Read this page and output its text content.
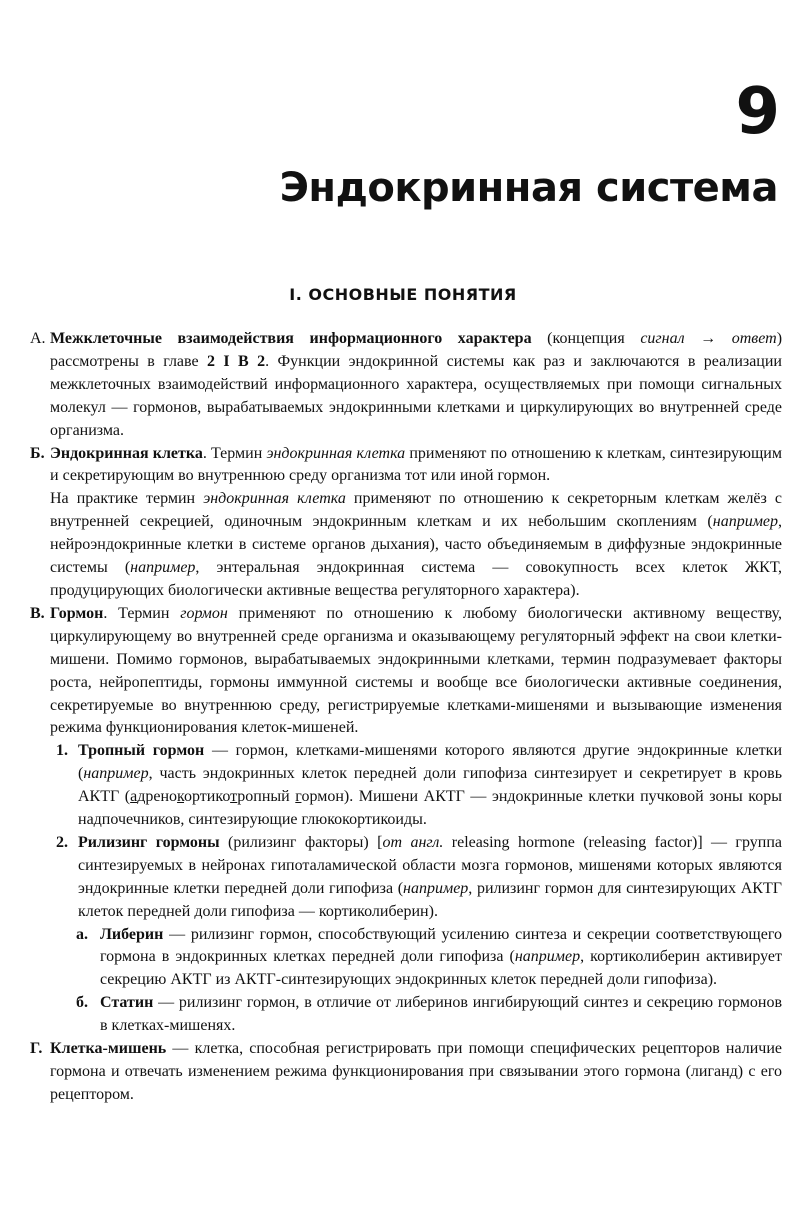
9
Эндокринная система
I. ОСНОВНЫЕ ПОНЯТИЯ
А. Межклеточные взаимодействия информационного характера (концепция сигнал → ответ) рассмотрены в главе 2 I В 2. Функции эндокринной системы как раз и заключаются в реализации межклеточных взаимодействий информационного характера, осуществляемых при помощи сигнальных молекул — гормонов, вырабатываемых эндокринными клетками и циркулирующих во внутренней среде организма.

Б. Эндокринная клетка. Термин эндокринная клетка применяют по отношению к клеткам, синтезирующим и секретирующим во внутреннюю среду организма тот или иной гормон.

На практике термин эндокринная клетка применяют по отношению к секреторным клеткам желёз с внутренней секрецией, одиночным эндокринным клеткам и их небольшим скоплениям (например, нейроэндокринные клетки в системе органов дыхания), часто объединяемым в диффузные эндокринные системы (например, энтеральная эндокринная система — совокупность всех клеток ЖКТ, продуцирующих биологически активные вещества регуляторного характера).

В. Гормон. Термин гормон применяют по отношению к любому биологически активному веществу, циркулирующему во внутренней среде организма и оказывающему регуляторный эффект на свои клетки-мишени. Помимо гормонов, вырабатываемых эндокринными клетками, термин подразумевает факторы роста, нейропептиды, гормоны иммунной системы и вообще все биологически активные соединения, секретируемые во внутреннюю среду, регистрируемые клетками-мишенями и вызывающие изменения режима функционирования клеток-мишеней.

1. Тропный гормон — гормон, клетками-мишенями которого являются другие эндокринные клетки (например, часть эндокринных клеток передней доли гипофиза синтезирует и секретирует в кровь АКТГ (адренокортикотропный гормон). Мишени АКТГ — эндокринные клетки пучковой зоны коры надпочечников, синтезирующие глюкокортикоиды.

2. Рилизинг гормоны (рилизинг факторы) [от англ. releasing hormone (releasing factor)] — группа синтезируемых в нейронах гипоталамической области мозга гормонов, мишенями которых являются эндокринные клетки передней доли гипофиза (например, рилизинг гормон для синтезирующих АКТГ клеток передней доли гипофиза — кортиколиберин).

а. Либерин — рилизинг гормон, способствующий усилению синтеза и секреции соответствующего гормона в эндокринных клетках передней доли гипофиза (например, кортиколиберин активирует секрецию АКТГ из АКТГ-синтезирующих эндокринных клеток передней доли гипофиза).

б. Статин — рилизинг гормон, в отличие от либеринов ингибирующий синтез и секрецию гормонов в клетках-мишенях.

Г. Клетка-мишень — клетка, способная регистрировать при помощи специфических рецепторов наличие гормона и отвечать изменением режима функционирования при связывании этого гормона (лиганд) с его рецептором.
